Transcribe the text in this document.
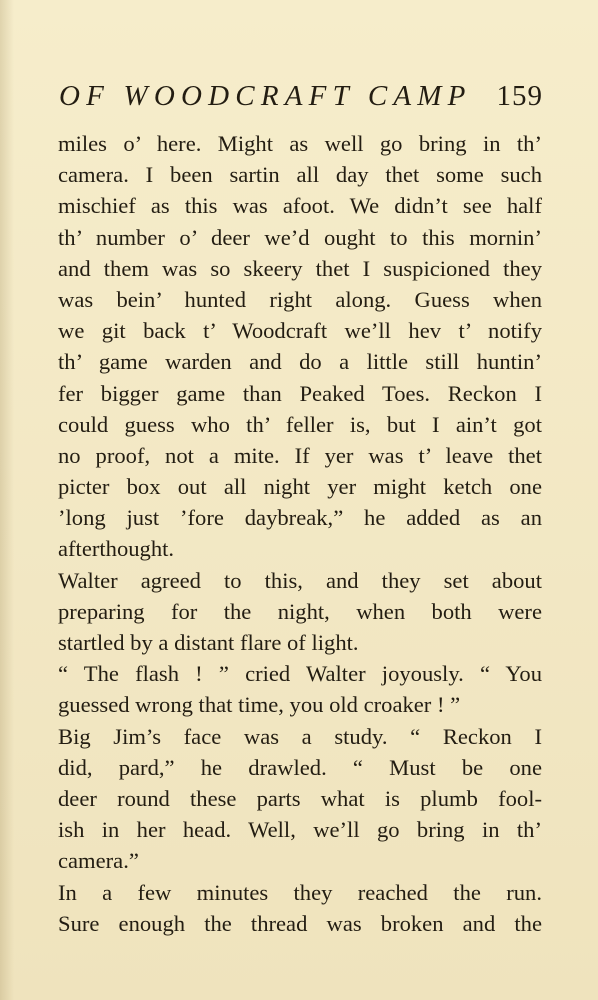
OF WOODCRAFT CAMP 159
miles o’ here. Might as well go bring in th’
camera. I been sartin all day thet some such
mischief as this was afoot. We didn’t see half
th’ number o’ deer we’d ought to this mornin’
and them was so skeery thet I suspicioned they
was bein’ hunted right along. Guess when
we git back t’ Woodcraft we’ll hev t’ notify
th’ game warden and do a little still huntin’
fer bigger game than Peaked Toes. Reckon I
could guess who th’ feller is, but I ain’t got
no proof, not a mite. If yer was t’ leave thet
picter box out all night yer might ketch one
’long just ’fore daybreak,” he added as an
afterthought.
Walter agreed to this, and they set about
preparing for the night, when both were
startled by a distant flare of light.
“ The flash ! ” cried Walter joyously. “ You
guessed wrong that time, you old croaker ! ”
Big Jim’s face was a study. “ Reckon I
did, pard,” he drawled. “ Must be one
deer round these parts what is plumb fool-
ish in her head. Well, we’ll go bring in th’
camera.”
In a few minutes they reached the run.
Sure enough the thread was broken and the
